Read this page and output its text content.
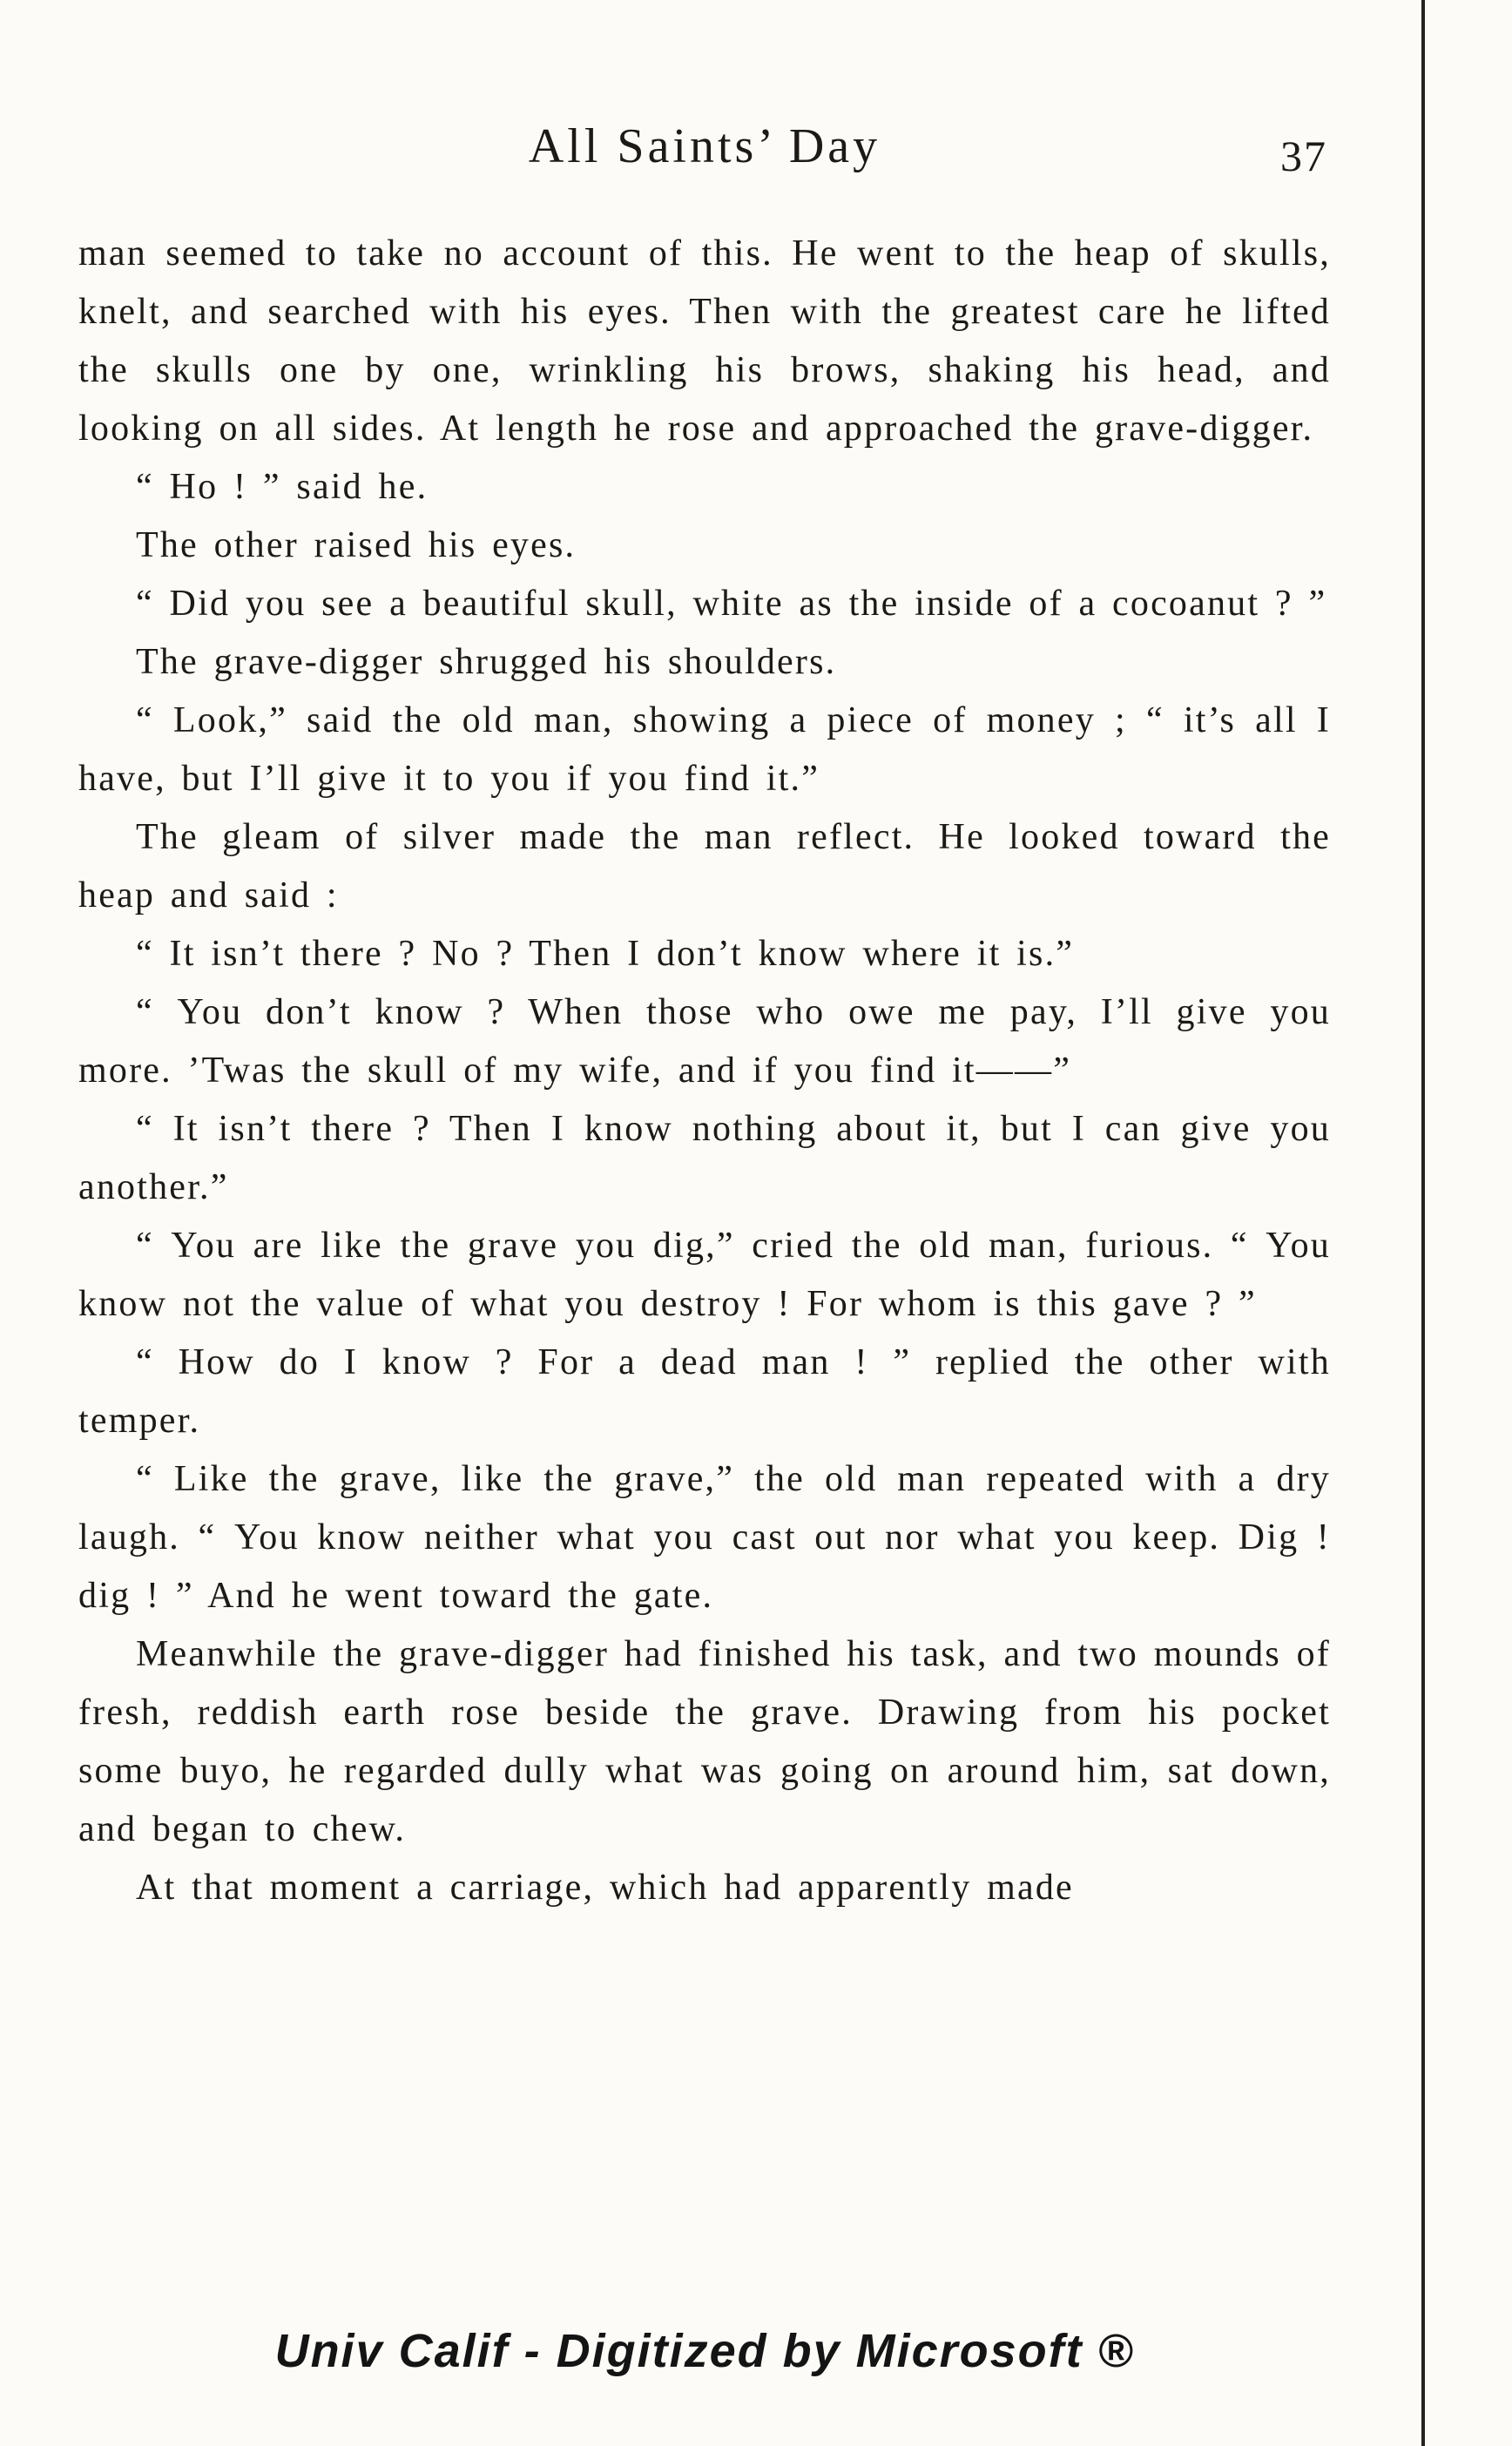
All Saints’ Day	37

man seemed to take no account of this. He went to the heap of skulls, knelt, and searched with his eyes. Then with the greatest care he lifted the skulls one by one, wrinkling his brows, shaking his head, and looking on all sides. At length he rose and approached the grave-digger.

“ Ho ! ” said he.

The other raised his eyes.

“ Did you see a beautiful skull, white as the inside of a cocoanut ? ”

The grave-digger shrugged his shoulders.

“ Look,” said the old man, showing a piece of money ; “ it’s all I have, but I’ll give it to you if you find it.”

The gleam of silver made the man reflect. He looked toward the heap and said :

“ It isn’t there ? No ? Then I don’t know where it is.”

“ You don’t know ? When those who owe me pay, I’ll give you more. ’Twas the skull of my wife, and if you find it——”

“ It isn’t there ? Then I know nothing about it, but I can give you another.”

“ You are like the grave you dig,” cried the old man, furious. “ You know not the value of what you destroy ! For whom is this gave ? ”

“ How do I know ? For a dead man ! ” replied the other with temper.

“ Like the grave, like the grave,” the old man repeated with a dry laugh. “ You know neither what you cast out nor what you keep. Dig ! dig ! ” And he went toward the gate.

Meanwhile the grave-digger had finished his task, and two mounds of fresh, reddish earth rose beside the grave. Drawing from his pocket some buyo, he regarded dully what was going on around him, sat down, and began to chew.

At that moment a carriage, which had apparently made

Univ Calif - Digitized by Microsoft ®
